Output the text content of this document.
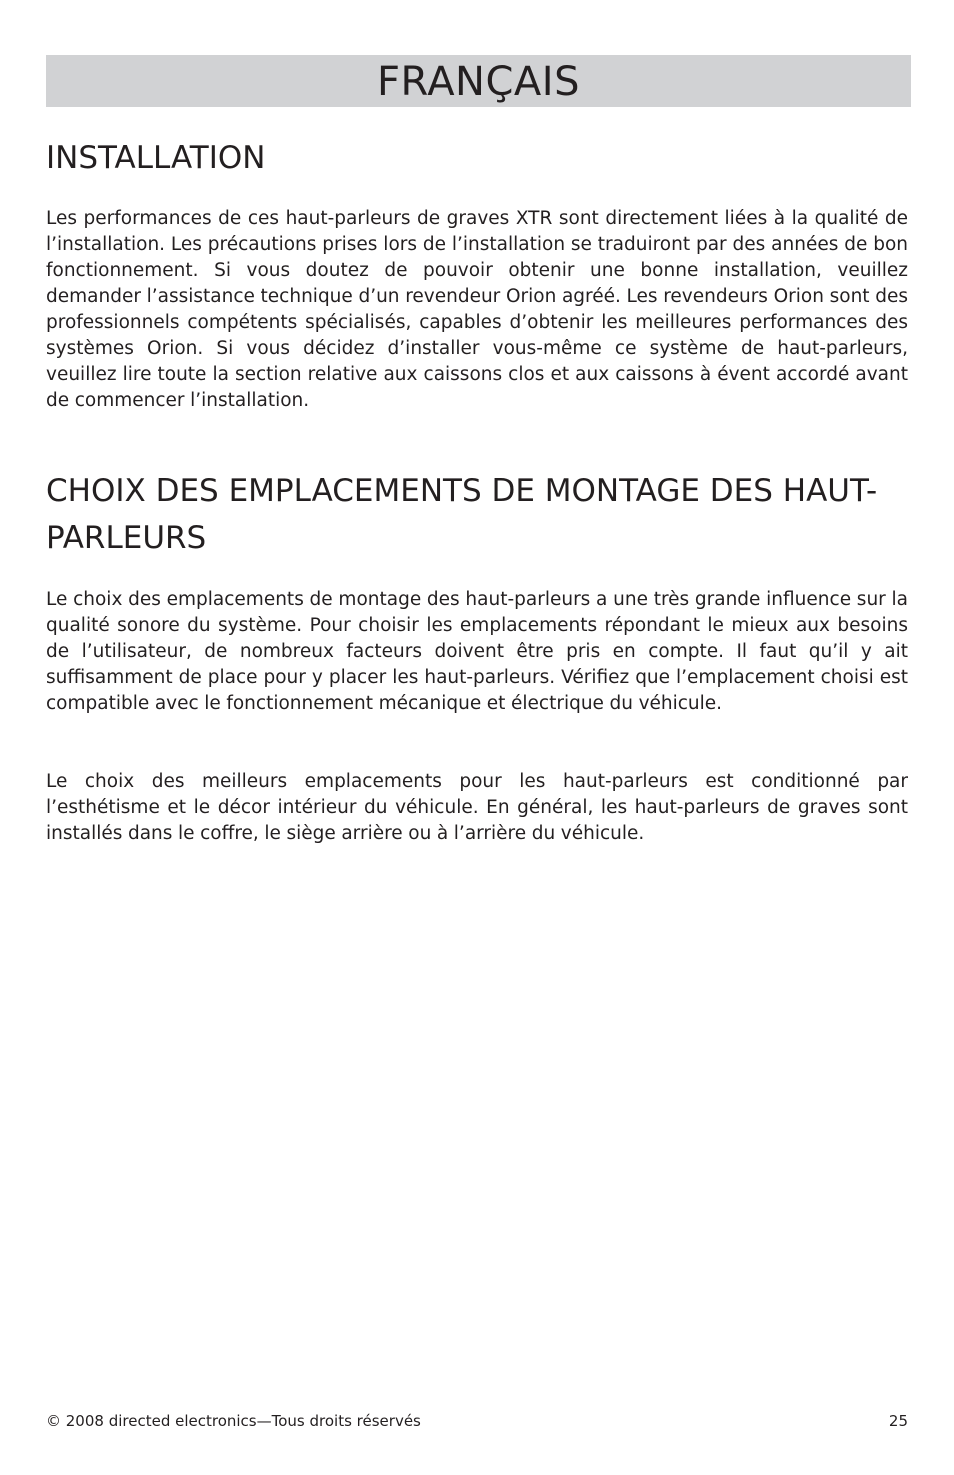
FRANÇAIS
INSTALLATION

Les performances de ces haut-parleurs de graves XTR sont directement liées à la qualité de l’installation. Les précautions prises lors de l’installation se traduiront par des années de bon fonctionnement. Si vous doutez de pouvoir obtenir une bonne installation, veuillez demander l’assistance technique d’un revendeur Orion agréé. Les revendeurs Orion sont des professionnels compétents spécialisés, capables d’obtenir les meilleures performances des systèmes Orion. Si vous décidez d’installer vous-même ce système de haut-parleurs, veuillez lire toute la section relative aux caissons clos et aux caissons à évent accordé avant de commencer l’installation.

CHOIX DES EMPLACEMENTS DE MONTAGE DES HAUT-PARLEURS

Le choix des emplacements de montage des haut-parleurs a une très grande influence sur la qualité sonore du système. Pour choisir les emplacements répondant le mieux aux besoins de l’utilisateur, de nombreux facteurs doivent être pris en compte. Il faut qu’il y ait suffisamment de place pour y placer les haut-parleurs. Vérifiez que l’emplacement choisi est compatible avec le fonctionnement mécanique et électrique du véhicule.

Le choix des meilleurs emplacements pour les haut-parleurs est conditionné par l’esthétisme et le décor intérieur du véhicule. En général, les haut-parleurs de graves sont installés dans le coffre, le siège arrière ou à l’arrière du véhicule.

© 2008 directed electronics—Tous droits réservés	25
